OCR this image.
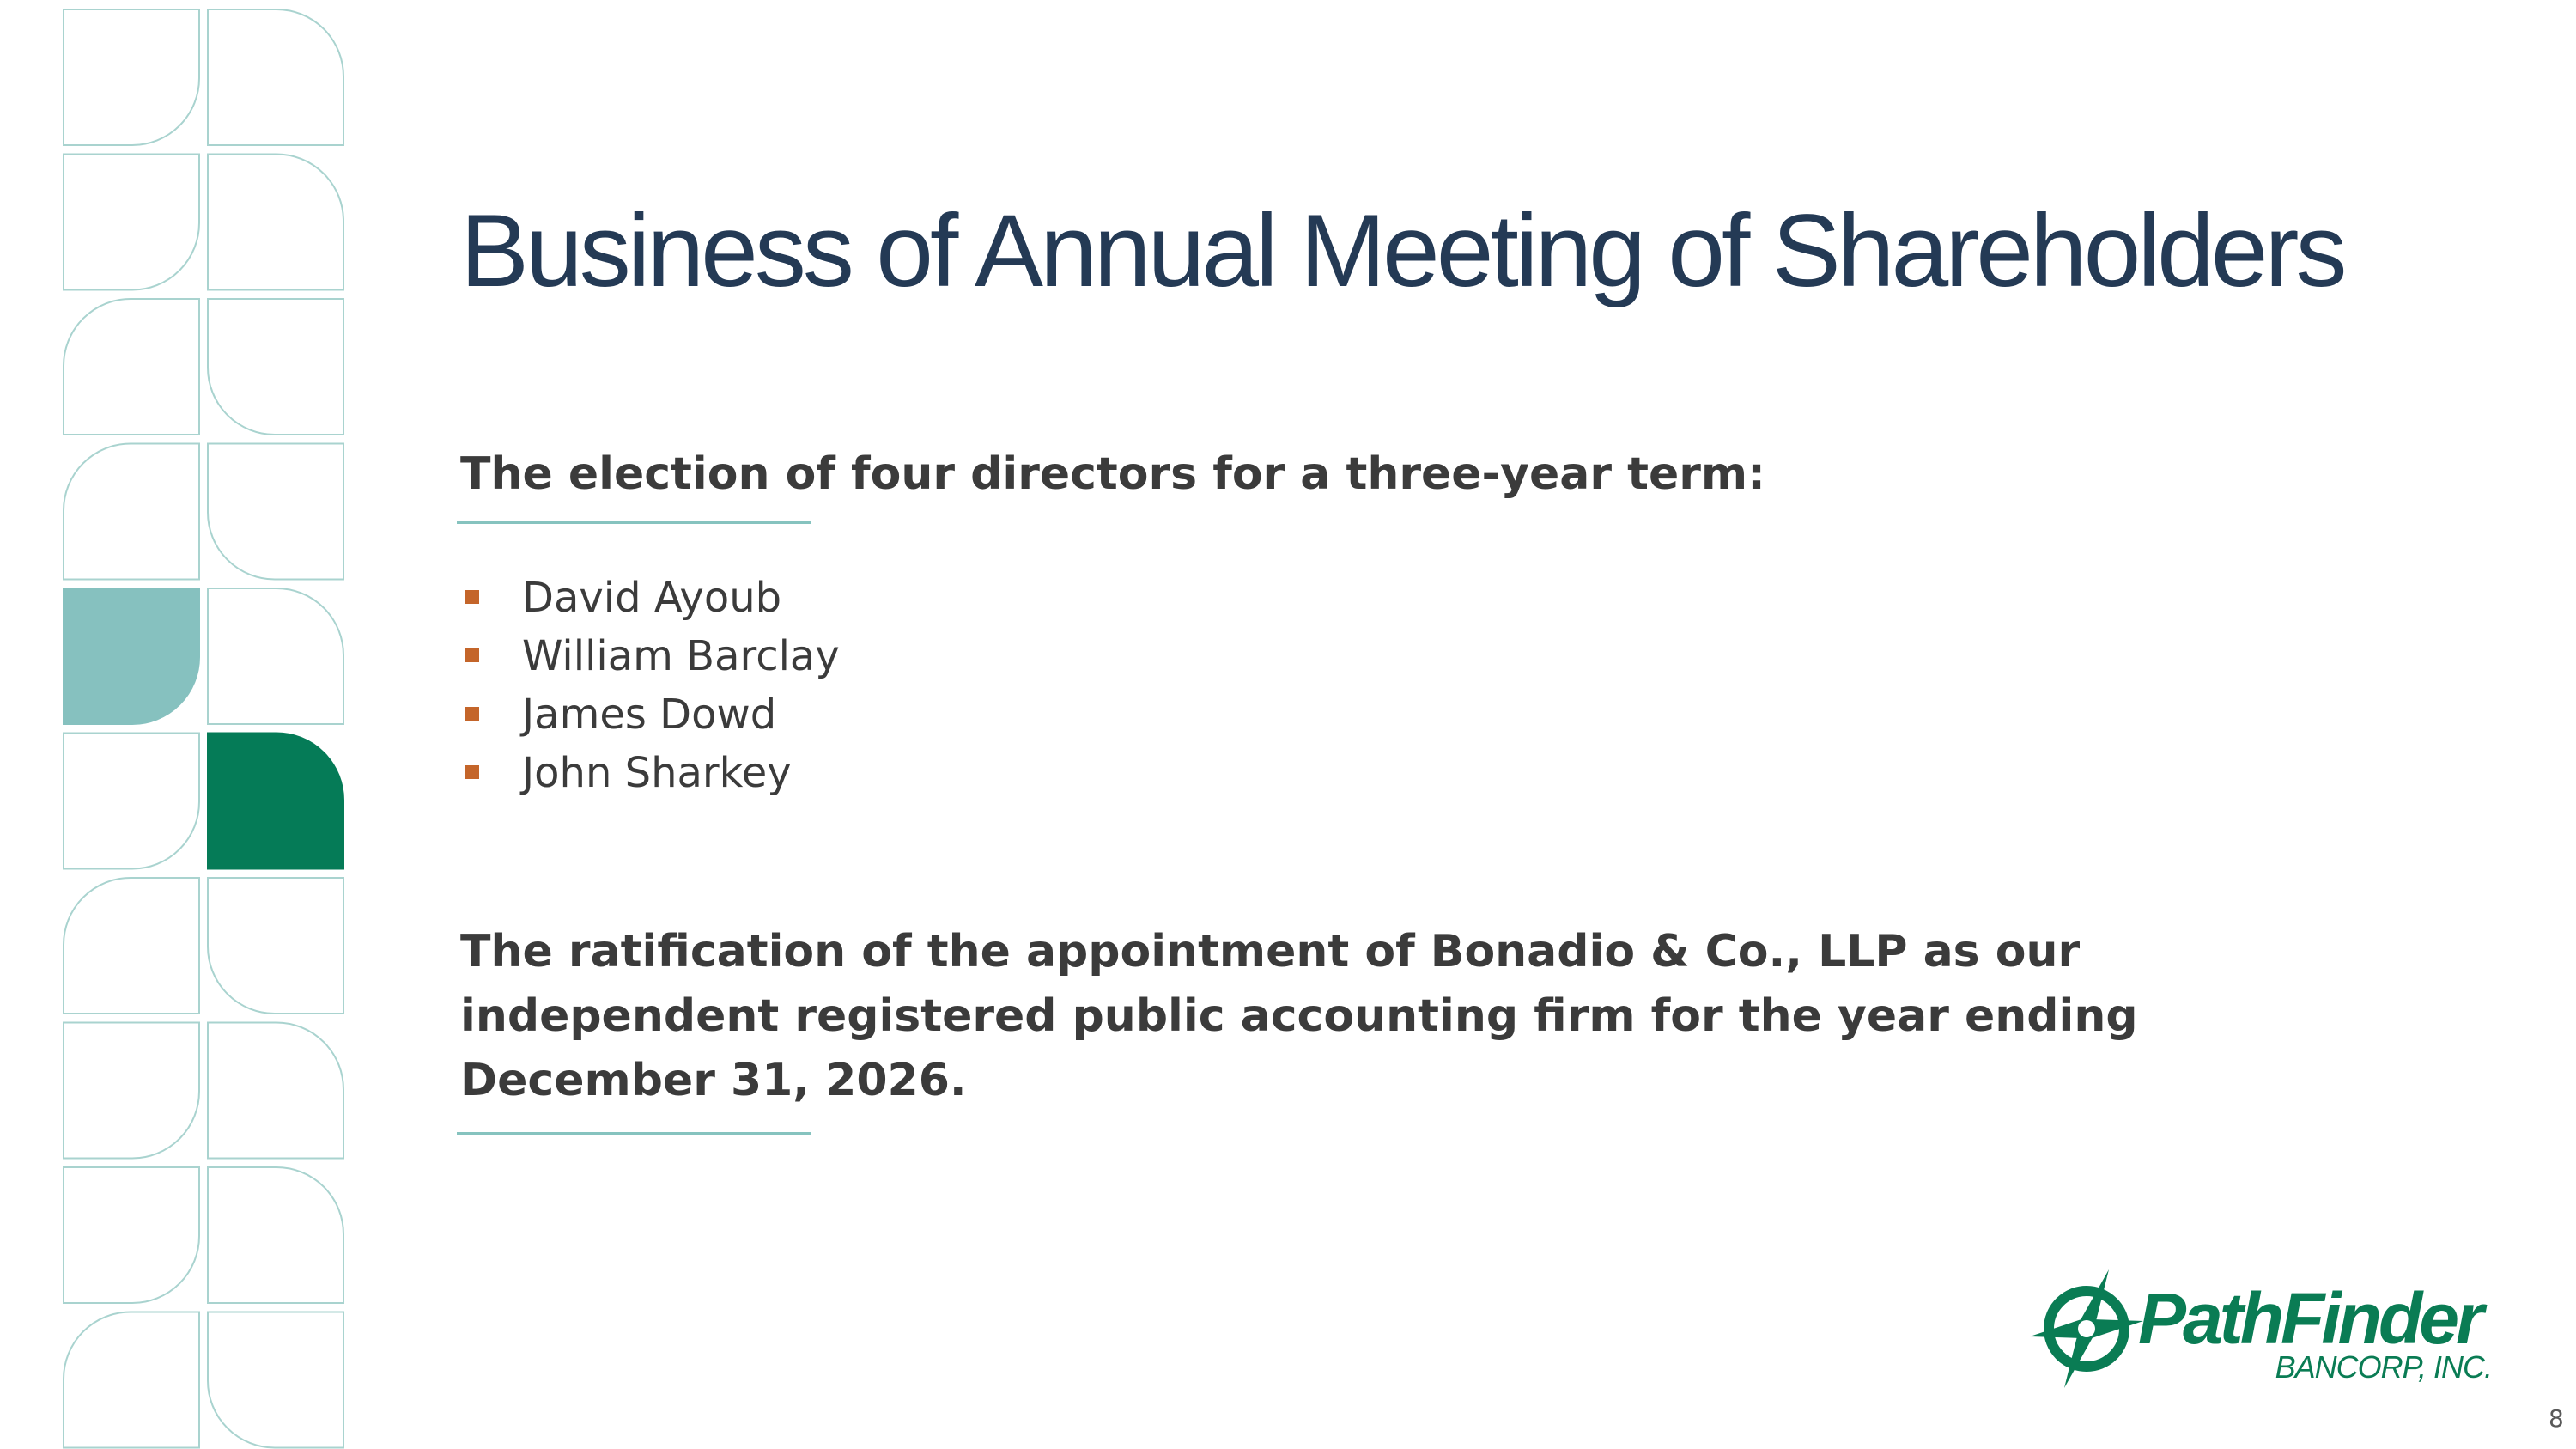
Business of Annual Meeting of Shareholders
The election of four directors for a three-year term:
David Ayoub
William Barclay
James Dowd
John Sharkey
The ratification of the appointment of Bonadio & Co., LLP as our independent registered public accounting firm for the year ending December 31, 2026.
PathFinder
BANCORP, INC.
8
